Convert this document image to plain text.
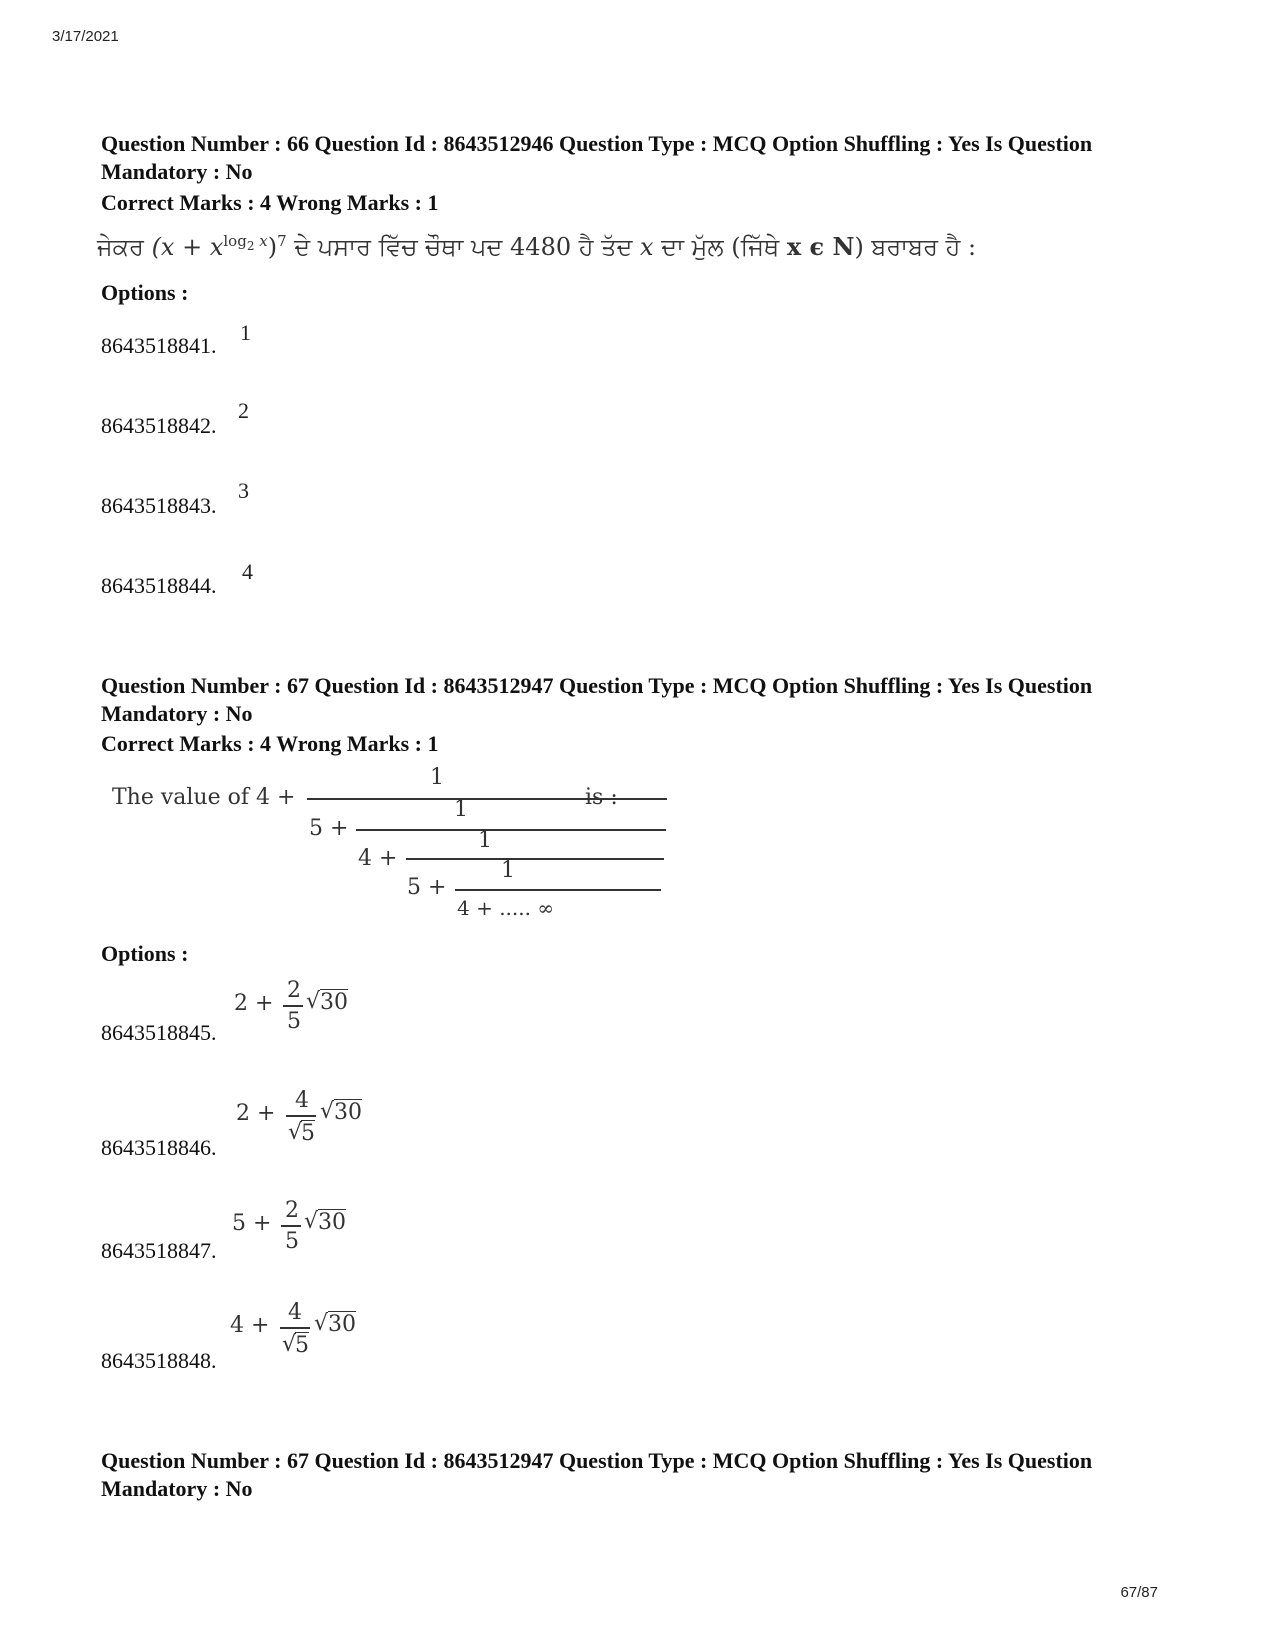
3/17/2021
Question Number : 66 Question Id : 8643512946 Question Type : MCQ Option Shuffling : Yes Is Question Mandatory : No
Correct Marks : 4 Wrong Marks : 1
ਜੇਕਰ $(x + x^{log_2 x})^7$ ਦੇ ਪਸਾਰ ਵਿੱਚ ਚੌਥਾ ਪਦ 4480 ਹੈ ਤੱਦ x ਦਾ ਮੁੱਲ (ਜਿੱਥੇ x ϵ N) ਬਰਾਬਰ ਹੈ :
Options :
8643518841.
1
8643518842.
2
8643518843.
3
8643518844.
4
Question Number : 67 Question Id : 8643512947 Question Type : MCQ Option Shuffling : Yes Is Question Mandatory : No
Correct Marks : 4 Wrong Marks : 1
The value of 4 +
1
5 +
1
4 +
1
5 +
1
4 + ..... ∞
is :
Options :
8643518845.
2 +
2
5
√ 30
8643518846.
2 +
4
√
5
√ 30
8643518847.
5 +
2
5
√ 30
8643518848.
4 +
4
√
5
√ 30
Question Number : 67 Question Id : 8643512947 Question Type : MCQ Option Shuffling : Yes Is Question Mandatory : No
67/87
